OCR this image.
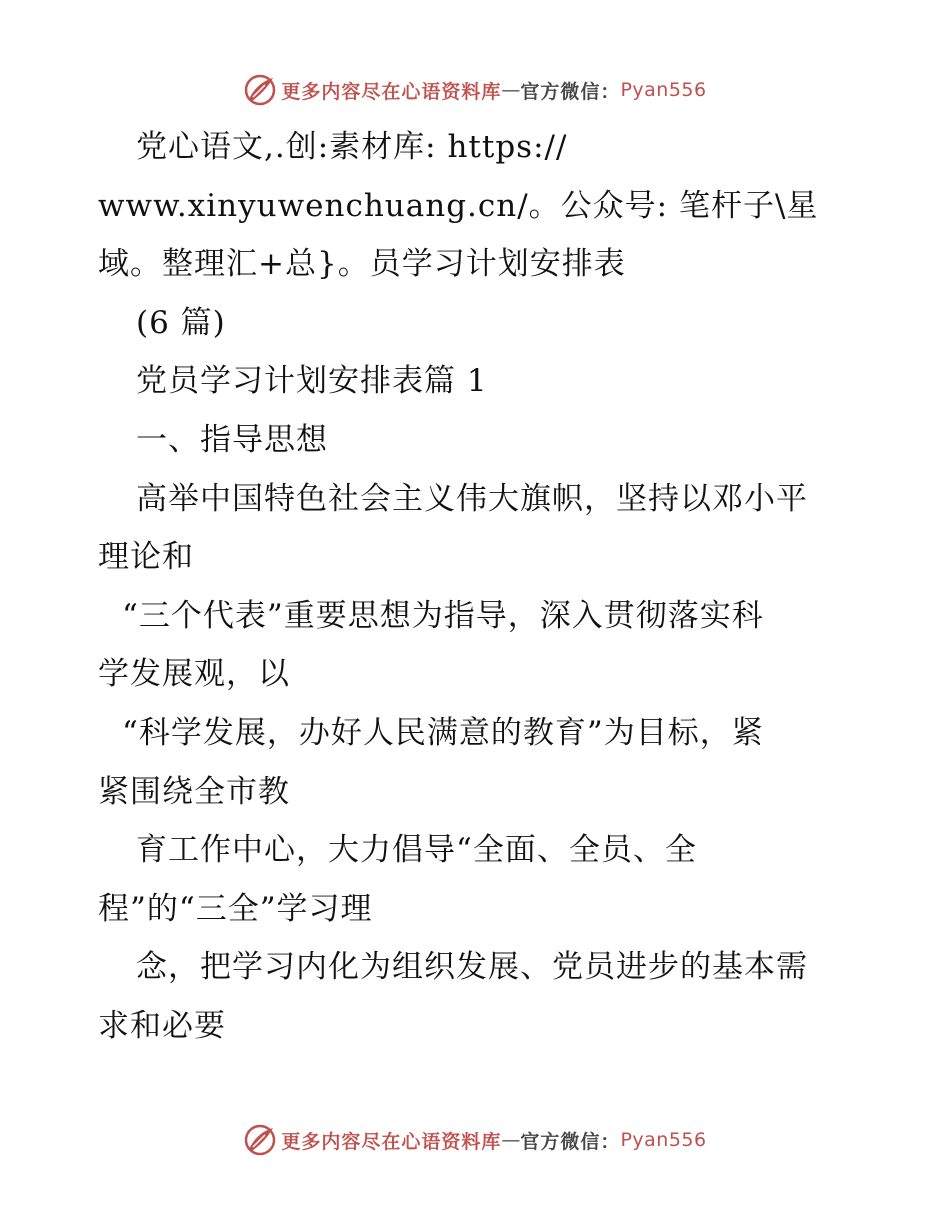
更多内容尽在心语资料库 — 官方微信： Pyan556
党心语文,.创:素材库: https://
www.xinyuwenchuang.cn/。公众号: 笔杆子\星
域。整理汇+总}。员学习计划安排表
(6 篇)
党员学习计划安排表篇 1
一、指导思想
高举中国特色社会主义伟大旗帜，坚持以邓小平
理论和
“三个代表”重要思想为指导，深入贯彻落实科
学发展观，以
“科学发展，办好人民满意的教育”为目标，紧
紧围绕全市教
育工作中心，大力倡导“全面、全员、全
程”的“三全”学习理
念，把学习内化为组织发展、党员进步的基本需
求和必要
更多内容尽在心语资料库 — 官方微信： Pyan556
